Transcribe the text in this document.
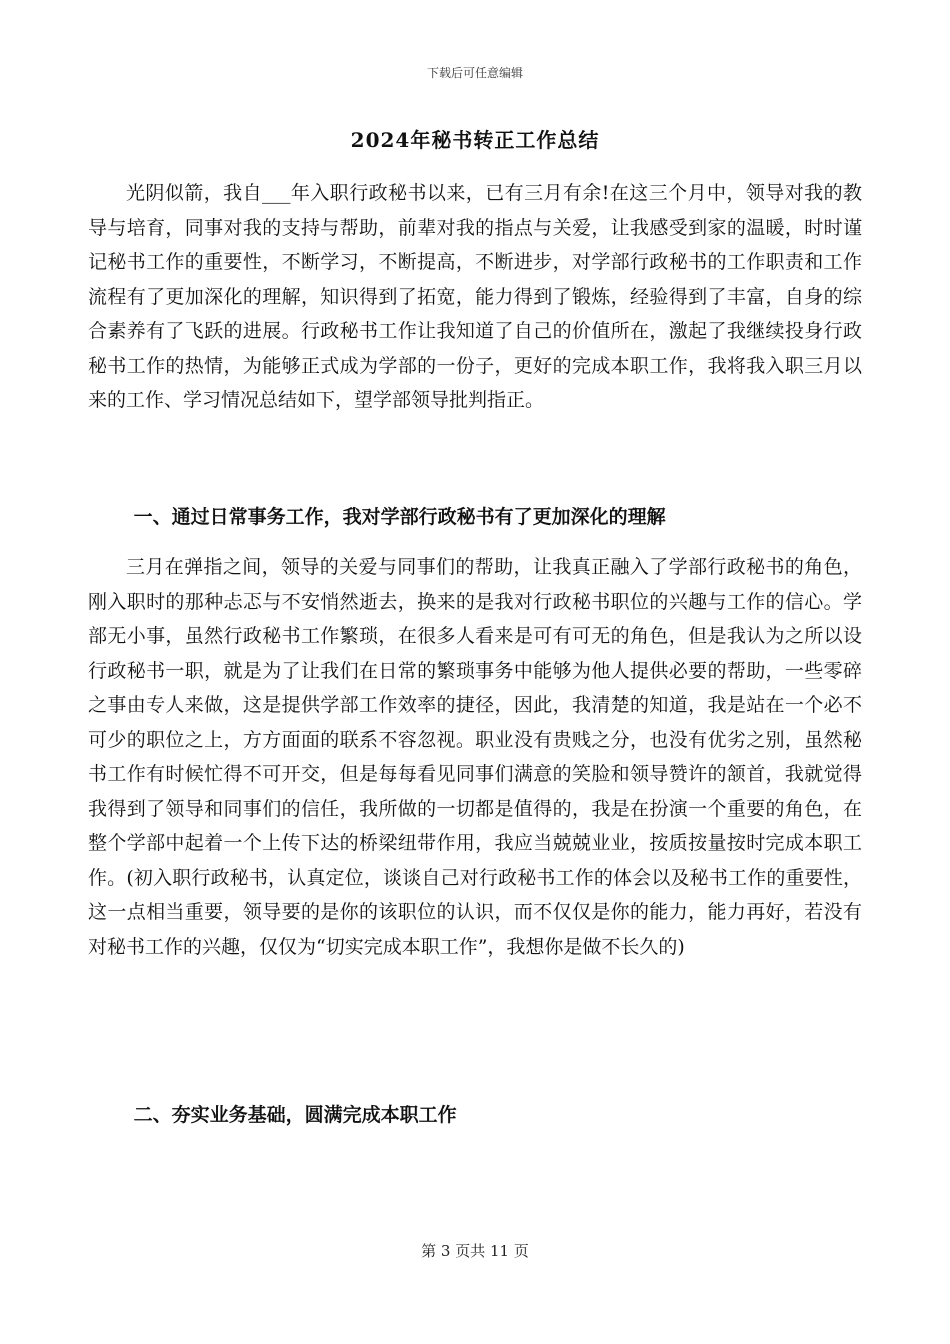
下载后可任意编辑
2024年秘书转正工作总结

光阴似箭，我自___年入职行政秘书以来，已有三月有余!在这三个月中，领导对我的教导与培育，同事对我的支持与帮助，前辈对我的指点与关爱，让我感受到家的温暖，时时谨记秘书工作的重要性，不断学习，不断提高，不断进步，对学部行政秘书的工作职责和工作流程有了更加深化的理解，知识得到了拓宽，能力得到了锻炼，经验得到了丰富，自身的综合素养有了飞跃的进展。行政秘书工作让我知道了自己的价值所在，激起了我继续投身行政秘书工作的热情，为能够正式成为学部的一份子，更好的完成本职工作，我将我入职三月以来的工作、学习情况总结如下，望学部领导批判指正。

一、通过日常事务工作，我对学部行政秘书有了更加深化的理解

三月在弹指之间，领导的关爱与同事们的帮助，让我真正融入了学部行政秘书的角色，刚入职时的那种忐忑与不安悄然逝去，换来的是我对行政秘书职位的兴趣与工作的信心。学部无小事，虽然行政秘书工作繁琐，在很多人看来是可有可无的角色，但是我认为之所以设行政秘书一职，就是为了让我们在日常的繁琐事务中能够为他人提供必要的帮助，一些零碎之事由专人来做，这是提供学部工作效率的捷径，因此，我清楚的知道，我是站在一个必不可少的职位之上，方方面面的联系不容忽视。职业没有贵贱之分，也没有优劣之别，虽然秘书工作有时候忙得不可开交，但是每每看见同事们满意的笑脸和领导赞许的颔首，我就觉得我得到了领导和同事们的信任，我所做的一切都是值得的，我是在扮演一个重要的角色，在整个学部中起着一个上传下达的桥梁纽带作用，我应当兢兢业业，按质按量按时完成本职工作。(初入职行政秘书，认真定位，谈谈自己对行政秘书工作的体会以及秘书工作的重要性，这一点相当重要，领导要的是你的该职位的认识，而不仅仅是你的能力，能力再好，若没有对秘书工作的兴趣，仅仅为“切实完成本职工作”，我想你是做不长久的)

二、夯实业务基础，圆满完成本职工作
第 3 页共 11 页
